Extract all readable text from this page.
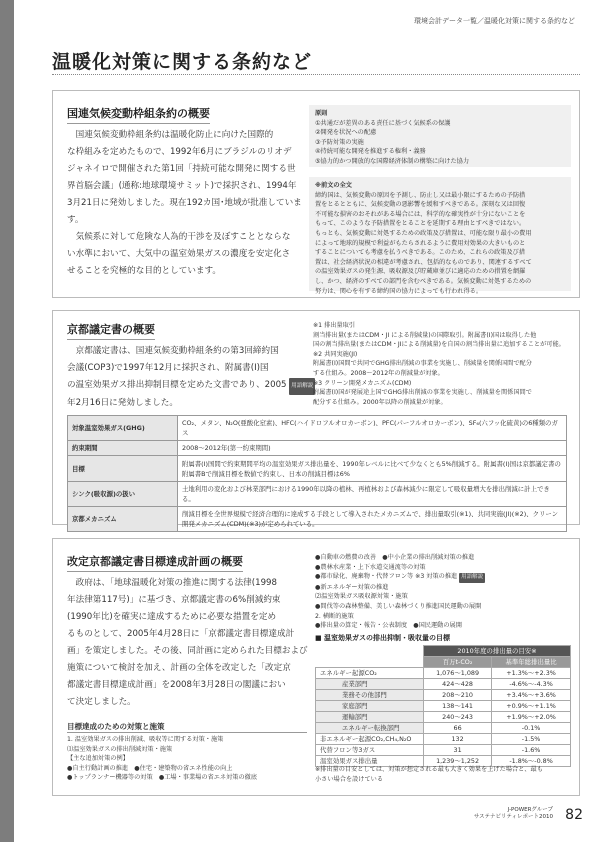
環境会計データ一覧／温暖化対策に関する条約など
温暖化対策に関する条約など
国連気候変動枠組条約の概要
国連気候変動枠組条約は温暖化防止に向けた国際的
な枠組みを定めたもので、1992年6月にブラジルのリオデ
ジャネイロで開催された第1回「持続可能な開発に関する世
界首脳会議」(通称:地球環境サミット)で採択され、1994年
3月21日に発効しました。現在192カ国･地域が批准しています。
気候系に対して危険な人為的干渉を及ぼすこととならな
い水準において、大気中の温室効果ガスの濃度を安定化さ
せることを究極的な目的としています。
原則
①共通だが差異のある責任に基づく気候系の保護
②開発を状況への配慮
③予防対策の実施
④持続可能な開発を推進する権利・義務
⑤協力的かつ開放的な国際経済体制の構築に向けた協力
※前文の全文
締約国は、気候変動の原因を予測し、防止し又は最小限にするための予防措
置をとるとともに、気候変動の悪影響を緩和すべきである。深刻な又は回復
不可能な損害のおそれがある場合には、科学的な確実性が十分にないことを
もって、このような予防措置をとることを延期する理由とすべきではない。
もっとも、気候変動に対処するための政策及び措置は、可能な限り最小の費用
によって地球的規模で利益がもたらされるように費用対効果の大きいものと
することについても考慮を払うべきである。このため、これらの政策及び措
置は、社会経済状況の相違が考慮され、包括的なものであり、関連するすべて
の温室効果ガスの発生源、吸収源及び貯蔵庫並びに適応のための措置を網羅
し、かつ、経済のすべての部門を含むべきである。気候変動に対処するための
努力は、関心を有する締約国の協力によっても行われ得る。
京都議定書の概要
京都議定書は、国連気候変動枠組条約の第3回締約国
会議(COP3)で1997年12月に採択され、附属書(I)国
の温室効果ガス排出抑制目標を定めた文書であり、2005 用語解説
年2月16日に発効しました。
※1 排出量取引
割当排出量(またはCDM・JI による削減量)の国際取引。附属書(I)国は取得した他
国の割当排出量(またはCDM・JIによる削減量)を自国の割当排出量に追加することが可能。
※2 共同実施(JI)
附属書(I)国間で共同でGHG排出削減の事業を実施し、削減量を関係国間で配分
する仕組み。2008〜2012年の削減量が対象。
※3 クリーン開発メカニズム(CDM)
附属書(I)国が発展途上国でGHG排出削減の事業を実施し、削減量を関係国間で
配分する仕組み。2000年以降の削減量が対象。
対象温室効果ガス(GHG)	CO₂、メタン、N₂O(亜酸化窒素)、HFC(ハイドロフルオロカーボン)、PFC(パーフルオロカーボン)、SF₆(六フッ化硫黄)の6種類のガス
約束期間	2008〜2012年(第一約束期間)
目標	附属書(I)国間で約束期間平均の温室効果ガス排出量を、1990年レベルに比べて少なくとも5%削減する。附属書(I)国は京都議定書の附属書Bで削減目標を数値で約束し、日本の削減目標は6%
シンク(吸収源)の扱い	土地利用の変化および林業部門における1990年以降の植林、再植林および森林減少に限定して吸収量増大を排出削減に計上できる。
京都メカニズム	削減目標を全世界規模で経済合理的に達成する手段として導入されたメカニズムで、排出量取引(※1)、共同実施(JI)(※2)、クリーン開発メカニズム(CDM)(※3)が定められている。
改定京都議定書目標達成計画の概要
政府は、「地球温暖化対策の推進に関する法律(1998
年法律第117号)」に基づき、京都議定書の6%削減約束
(1990年比)を確実に達成するために必要な措置を定め
るものとして、2005年4月28日に「京都議定書目標達成計
画」を策定しました。その後、同計画に定められた目標および
施策について検討を加え、計画の全体を改定した「改定京
都議定書目標達成計画」を2008年3月28日の閣議におい
て決定しました。
目標達成のための対策と施策
1. 温室効果ガスの排出削減、吸収等に関する対策・施策
⑴温室効果ガスの排出削減対策・施策
【主な追加対策の例】
●自主行動計画の推進　●住宅・建築物の省エネ性能の向上
●トップランナー機器等の対策　●工場・事業場の省エネ対策の徹底
●自動車の燃費の改善　●中小企業の排出削減対策の推進
●農林水産業・上下水道交通流等の対策
●都市緑化、廃棄物・代替フロン等 ※3 対策の推進 用語解説
●新エネルギー対策の推進
⑵温室効果ガス吸収源対策・施策
●間伐等の森林整備、美しい森林づくり推進国民運動の展開
2. 横断的施策
●排出量の算定・報告・公表制度　●国民運動の展開
■ 温室効果ガスの排出抑制・吸収量の目標
	2010年度の排出量の目安※	
	百万t-CO₂	基準年総排出量比
エネルギー起源CO₂	1,076〜1,089	+1.3%〜+2.3%
産業部門	424〜428	-4.6%〜-4.3%
業務その他部門	208〜210	+3.4%〜+3.6%
家庭部門	138〜141	+0.9%〜+1.1%
運輸部門	240〜243	+1.9%〜+2.0%
エネルギー転換部門	66	-0.1%
非エネルギー起源CO₂,CH₄,N₂O	132	-1.5%
代替フロン等3ガス	31	-1.6%
温室効果ガス排出量	1,239〜1,252	-1.8%〜-0.8%
※排出量の目安としては、対策が想定される最も大きく効果を上げた場合と、最も
小さい場合を設けている
J-POWERグループ
サステナビリティレポート2010 82
